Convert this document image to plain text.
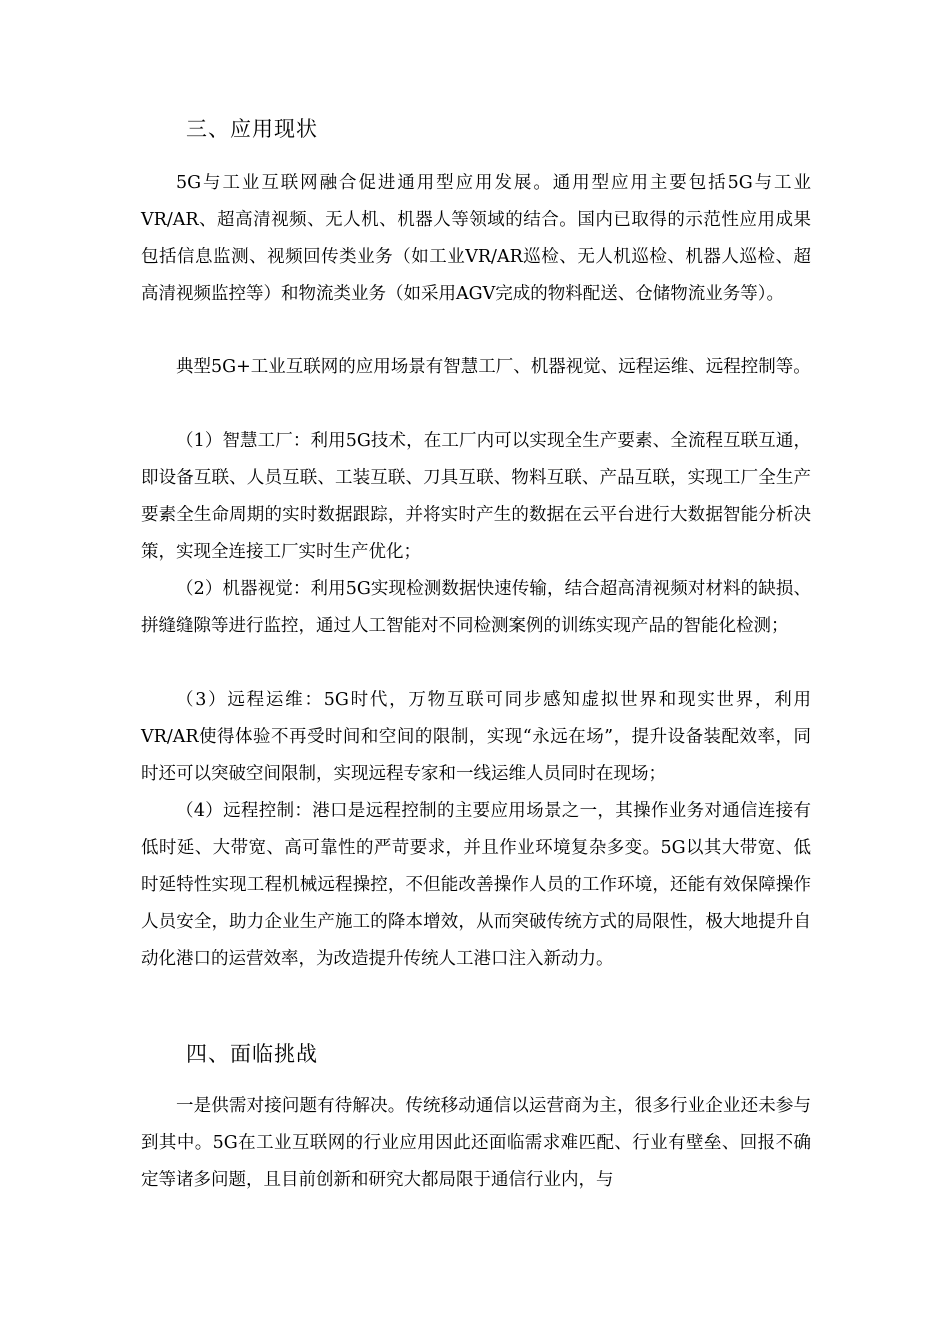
三、应用现状

5G与工业互联网融合促进通用型应用发展。通用型应用主要包括5G与工业VR/AR、超高清视频、无人机、机器人等领域的结合。国内已取得的示范性应用成果包括信息监测、视频回传类业务（如工业VR/AR巡检、无人机巡检、机器人巡检、超高清视频监控等）和物流类业务（如采用AGV完成的物料配送、仓储物流业务等）。

典型5G+工业互联网的应用场景有智慧工厂、机器视觉、远程运维、远程控制等。

（1）智慧工厂：利用5G技术，在工厂内可以实现全生产要素、全流程互联互通，即设备互联、人员互联、工装互联、刀具互联、物料互联、产品互联，实现工厂全生产要素全生命周期的实时数据跟踪，并将实时产生的数据在云平台进行大数据智能分析决策，实现全连接工厂实时生产优化；

（2）机器视觉：利用5G实现检测数据快速传输，结合超高清视频对材料的缺损、拼缝缝隙等进行监控，通过人工智能对不同检测案例的训练实现产品的智能化检测；

（3）远程运维：5G时代，万物互联可同步感知虚拟世界和现实世界，利用VR/AR使得体验不再受时间和空间的限制，实现“永远在场”，提升设备装配效率，同时还可以突破空间限制，实现远程专家和一线运维人员同时在现场；

（4）远程控制：港口是远程控制的主要应用场景之一，其操作业务对通信连接有低时延、大带宽、高可靠性的严苛要求，并且作业环境复杂多变。5G以其大带宽、低时延特性实现工程机械远程操控，不但能改善操作人员的工作环境，还能有效保障操作人员安全，助力企业生产施工的降本增效，从而突破传统方式的局限性，极大地提升自动化港口的运营效率，为改造提升传统人工港口注入新动力。

四、面临挑战

一是供需对接问题有待解决。传统移动通信以运营商为主，很多行业企业还未参与到其中。5G在工业互联网的行业应用因此还面临需求难匹配、行业有壁垒、回报不确定等诸多问题，且目前创新和研究大都局限于通信行业内，与
